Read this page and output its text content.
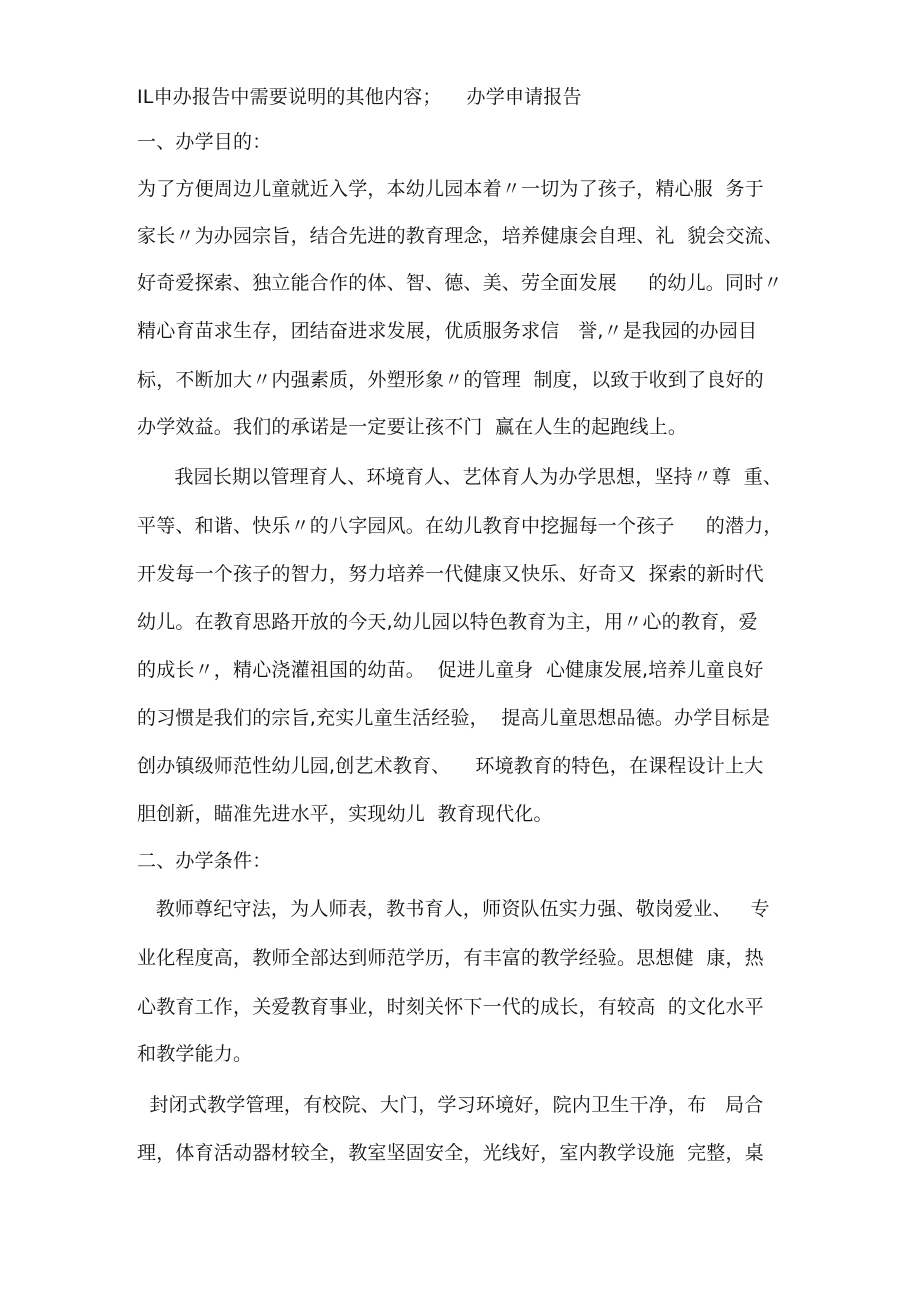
IL申办报告中需要说明的其他内容；    办学申请报告
一、办学目的：
为了方便周边儿童就近入学，本幼儿园本着〃一切为了孩子，精心服  务于
家长〃为办园宗旨，结合先进的教育理念，培养健康会自理、礼  貌会交流、
好奇爱探索、独立能合作的体、智、德、美、劳全面发展     的幼儿。同时〃
精心育苗求生存，团结奋进求发展，优质服务求信   誉,〃是我园的办园目
标，不断加大〃内强素质，外塑形象〃的管理  制度，以致于收到了良好的
办学效益。我们的承诺是一定要让孩不门  赢在人生的起跑线上。
我园长期以管理育人、环境育人、艺体育人为办学思想，坚持〃尊  重、
平等、和谐、快乐〃的八字园风。在幼儿教育中挖掘每一个孩子     的潜力，
开发每一个孩子的智力，努力培养一代健康又快乐、好奇又  探索的新时代
幼儿。在教育思路开放的今天,幼儿园以特色教育为主，用〃心的教育，爱
的成长〃，精心浇灌祖国的幼苗。  促进儿童身  心健康发展,培养儿童良好
的习惯是我们的宗旨,充实儿童生活经验，  提高儿童思想品德。办学目标是
创办镇级师范性幼儿园,创艺术教育、    环境教育的特色，在课程设计上大
胆创新，瞄准先进水平，实现幼儿  教育现代化。
二、办学条件：
教师尊纪守法，为人师表，教书育人，师资队伍实力强、敬岗爱业、   专
业化程度高，教师全部达到师范学历，有丰富的教学经验。思想健  康，热
心教育工作，关爱教育事业，时刻关怀下一代的成长，有较高  的文化水平
和教学能力。
封闭式教学管理，有校院、大门，学习环境好，院内卫生干净，布   局合
理，体育活动器材较全，教室坚固安全，光线好，室内教学设施  完整，桌
